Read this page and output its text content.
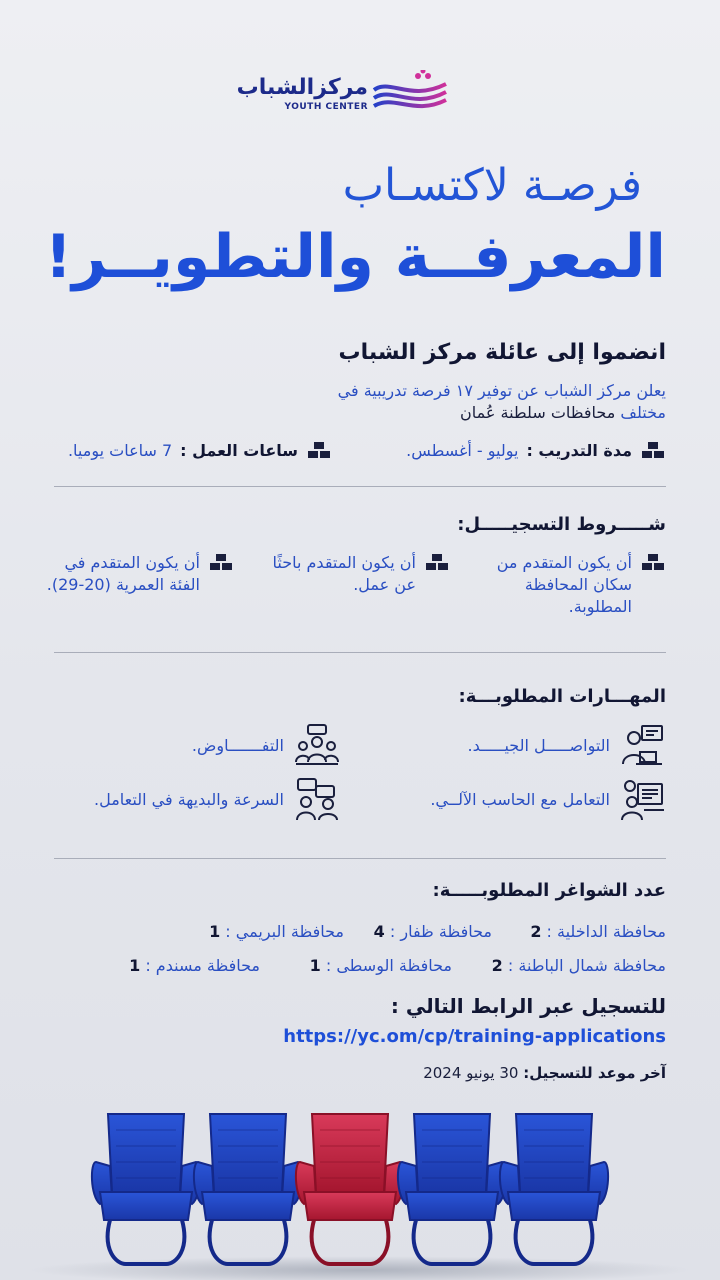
مركزالشباب
YOUTH CENTER
فرصـة لاكتسـاب
المعرفــة والتطويــر!
انضموا إلى عائلة مركز الشباب
يعلن مركز الشباب عن توفير ١٧ فرصة تدريبية في
مختلف محافظات سلطنة عُمان
مدة التدريب :
يوليو - أغسطس.
ساعات العمل :
7 ساعات يوميا.
شـــــروط التسجيـــــل:
أن يكون المتقدم من سكان المحافظة المطلوبة.
أن يكون المتقدم باحثًا عن عمل.
أن يكون المتقدم في الفئة العمرية (20-29).
المهـــارات المطلوبـــة:
التواصـــــل الجيـــــد.
التفـــــــاوض.
التعامل مع الحاسب الآلــي.
السرعة والبديهة في التعامل.
عدد الشواغر المطلوبـــــة:
محافظة الداخلية : 2
محافظة ظفار : 4
محافظة البريمي : 1
محافظة شمال الباطنة : 2
محافظة الوسطى : 1
محافظة مسندم : 1
للتسجيل عبر الرابط التالي :
https://yc.om/cp/training-applications
آخر موعد للتسجيل: 30 يونيو 2024
